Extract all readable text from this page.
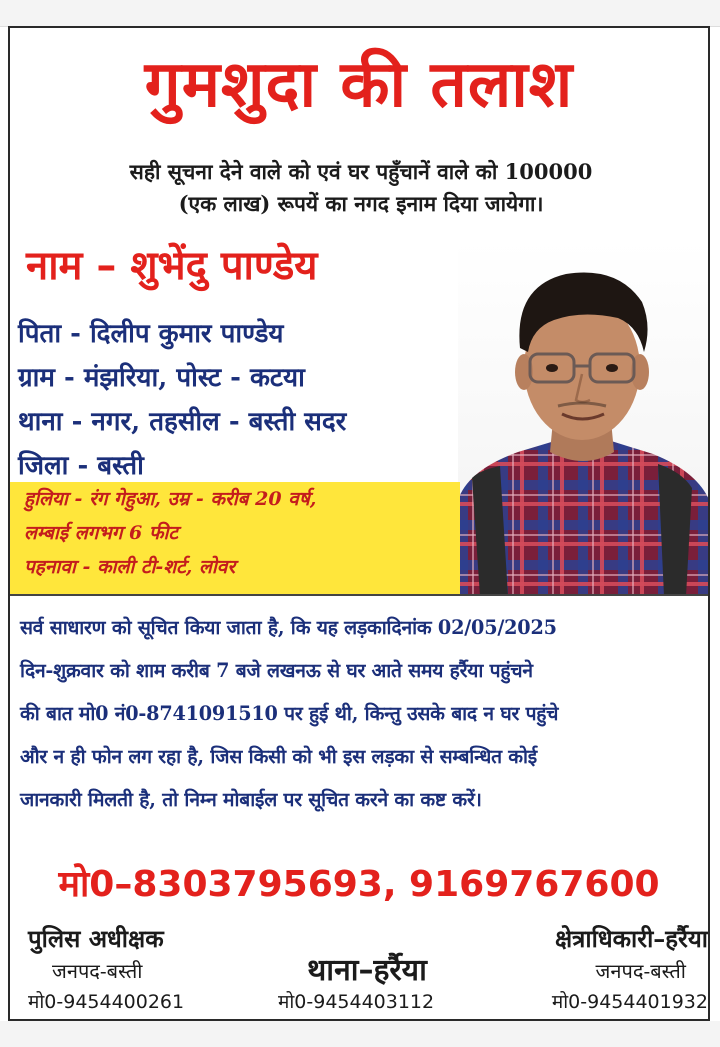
गुमशुदा की तलाश
सही सूचना देने वाले को एवं घर पहुँचानें वाले को 100000
(एक लाख) रूपयें का नगद इनाम दिया जायेगा।
नाम – शुभेंदु पाण्डेय
पिता - दिलीप कुमार पाण्डेय
ग्राम - मंझरिया, पोस्ट - कटया
थाना - नगर, तहसील - बस्ती सदर
जिला - बस्ती
हुलिया - रंग गेहुआ, उम्र - करीब 20 वर्ष,
लम्बाई लगभग 6 फीट
पहनावा - काली टी-शर्ट, लोवर
सर्व साधारण को सूचित किया जाता है, कि यह लड़कादिनांक 02/05/2025
दिन-शुक्रवार को शाम करीब 7 बजे लखनऊ से घर आते समय हर्रैया पहुंचने
की बात मो0 नं0-8741091510 पर हुई थी, किन्तु उसके बाद न घर पहुंचे
और न ही फोन लग रहा है, जिस किसी को भी इस लड़का से सम्बन्धित कोई
जानकारी मिलती है, तो निम्न मोबाईल पर सूचित करने का कष्ट करें।
मो0–8303795693, 9169767600
पुलिस अधीक्षक
जनपद-बस्ती
मो0-9454400261
थाना–हर्रैया
मो0-9454403112
क्षेत्राधिकारी–हर्रैया
जनपद-बस्ती
मो0-9454401932
